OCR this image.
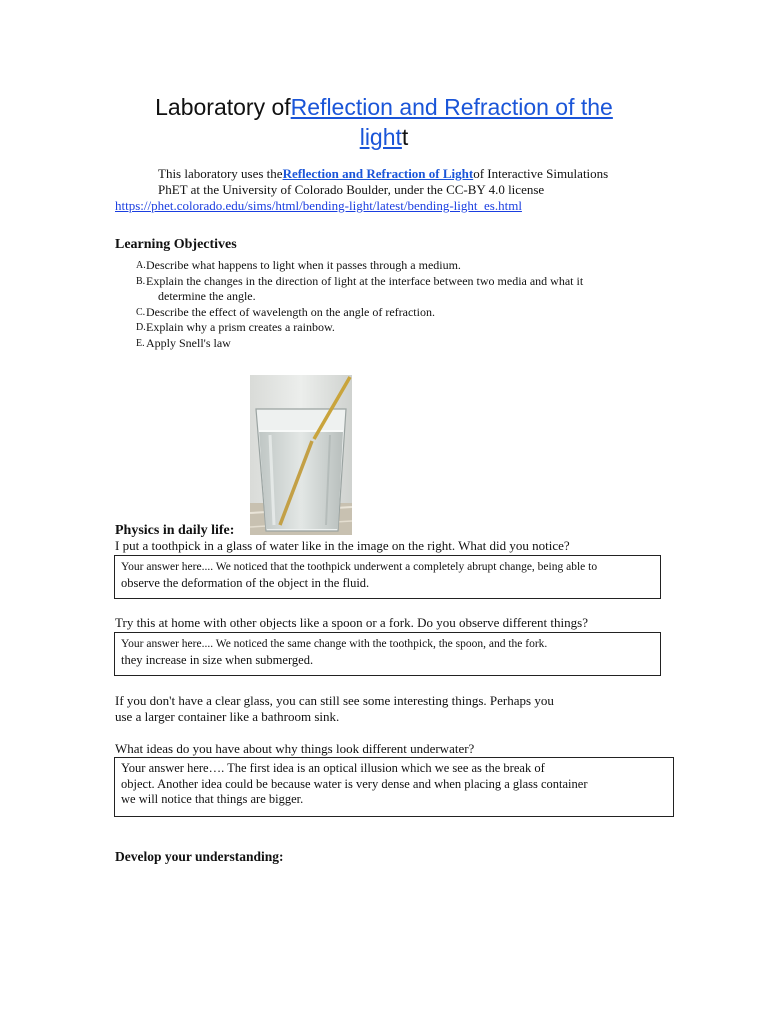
Laboratory ofReflection and Refraction of the
lightt
This laboratory uses theReflection and Refraction of Lightof Interactive Simulations
PhET at the University of Colorado Boulder, under the CC-BY 4.0 license
https://phet.colorado.edu/sims/html/bending-light/latest/bending-light_es.html
Learning Objectives
A. Describe what happens to light when it passes through a medium.
B. Explain the changes in the direction of light at the interface between two media and what it
determine the angle.
C. Describe the effect of wavelength on the angle of refraction.
D. Explain why a prism creates a rainbow.
E. Apply Snell's law
Physics in daily life:
I put a toothpick in a glass of water like in the image on the right. What did you notice?
Your answer here.... We noticed that the toothpick underwent a completely abrupt change, being able to
observe the deformation of the object in the fluid.
Try this at home with other objects like a spoon or a fork. Do you observe different things?
Your answer here.... We noticed the same change with the toothpick, the spoon, and the fork.
they increase in size when submerged.
If you don't have a clear glass, you can still see some interesting things. Perhaps you
use a larger container like a bathroom sink.
What ideas do you have about why things look different underwater?
Your answer here…. The first idea is an optical illusion which we see as the break of
object. Another idea could be because water is very dense and when placing a glass container
we will notice that things are bigger.
Develop your understanding:
